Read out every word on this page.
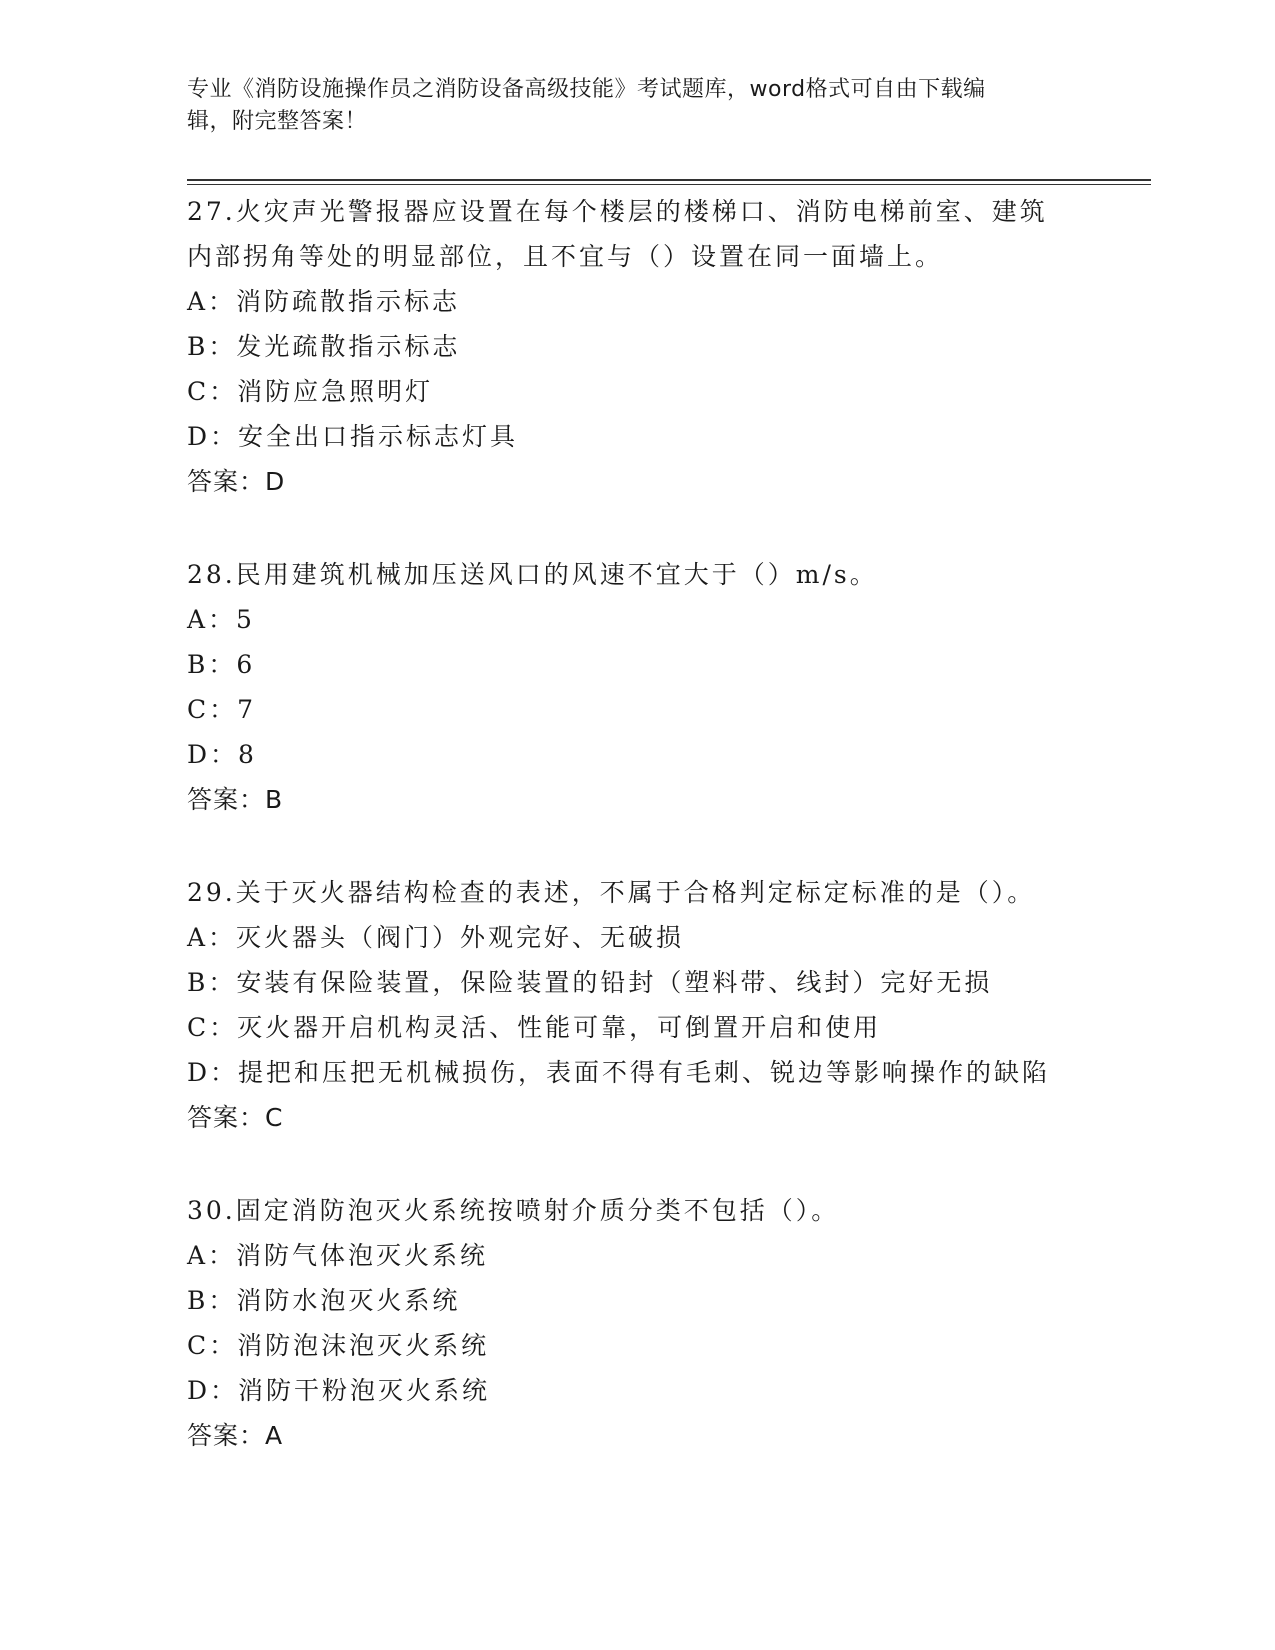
专业《消防设施操作员之消防设备高级技能》考试题库，word格式可自由下载编
辑，附完整答案！

27.火灾声光警报器应设置在每个楼层的楼梯口、消防电梯前室、建筑
内部拐角等处的明显部位，且不宜与（）设置在同一面墙上。

A：消防疏散指示标志

B：发光疏散指示标志

C：消防应急照明灯

D：安全出口指示标志灯具

答案：D

28.民用建筑机械加压送风口的风速不宜大于（）m/s。

A：5

B：6

C：7

D：8

答案：B

29.关于灭火器结构检查的表述，不属于合格判定标定标准的是（）。

A：灭火器头（阀门）外观完好、无破损

B：安装有保险装置，保险装置的铅封（塑料带、线封）完好无损

C：灭火器开启机构灵活、性能可靠，可倒置开启和使用

D：提把和压把无机械损伤，表面不得有毛刺、锐边等影响操作的缺陷

答案：C

30.固定消防泡灭火系统按喷射介质分类不包括（）。

A：消防气体泡灭火系统

B：消防水泡灭火系统

C：消防泡沫泡灭火系统

D：消防干粉泡灭火系统

答案：A
